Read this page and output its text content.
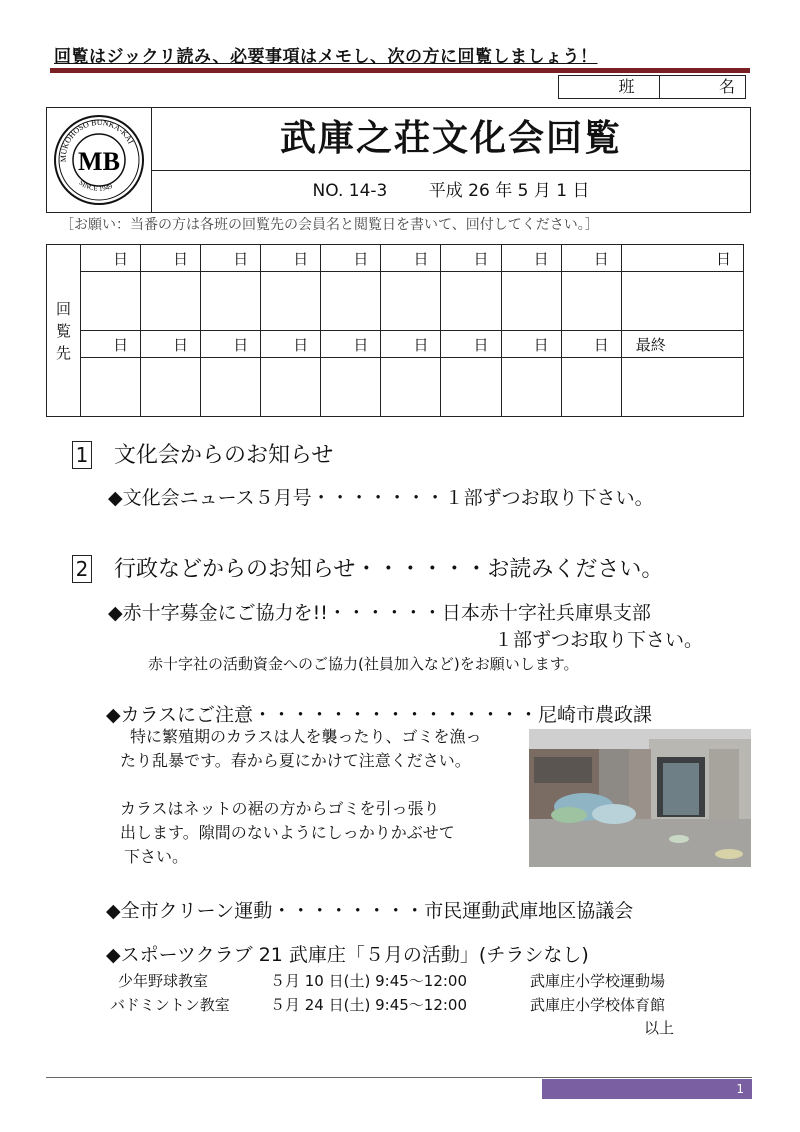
回覧はジックリ読み、必要事項はメモし、次の方に回覧しましょう！
班	名
MUKOHOSO BUNKA-KAI
SINCE 1949
MB
武庫之荘文化会回覧
NO. 14-3 平成 26 年 5 月 1 日
［お願い：当番の方は各班の回覧先の会員名と閲覧日を書いて、回付してください。］
回
覧
先	日	日	日	日	日	日	日	日	日	日

	日	日	日	日	日	日	日	日	日	最終

1 文化会からのお知らせ
◆文化会ニュース５月号・・・・・・・１部ずつお取り下さい。
2 行政などからのお知らせ・・・・・・お読みください。
◆赤十字募金にご協力を!!・・・・・・日本赤十字社兵庫県支部
１部ずつお取り下さい。
赤十字社の活動資金へのご協力(社員加入など)をお願いします。
◆カラスにご注意・・・・・・・・・・・・・・・尼崎市農政課
特に繁殖期のカラスは人を襲ったり、ゴミを漁っ
たり乱暴です。春から夏にかけて注意ください。
カラスはネットの裾の方からゴミを引っ張り
出します。隙間のないようにしっかりかぶせて
下さい。
◆全市クリーン運動・・・・・・・・市民運動武庫地区協議会
◆スポーツクラブ 21 武庫庄「５月の活動」(チラシなし)
少年野球教室	５月 10 日(土) 9:45～12:00	武庫庄小学校運動場
バドミントン教室	５月 24 日(土) 9:45～12:00	武庫庄小学校体育館
以上
1
